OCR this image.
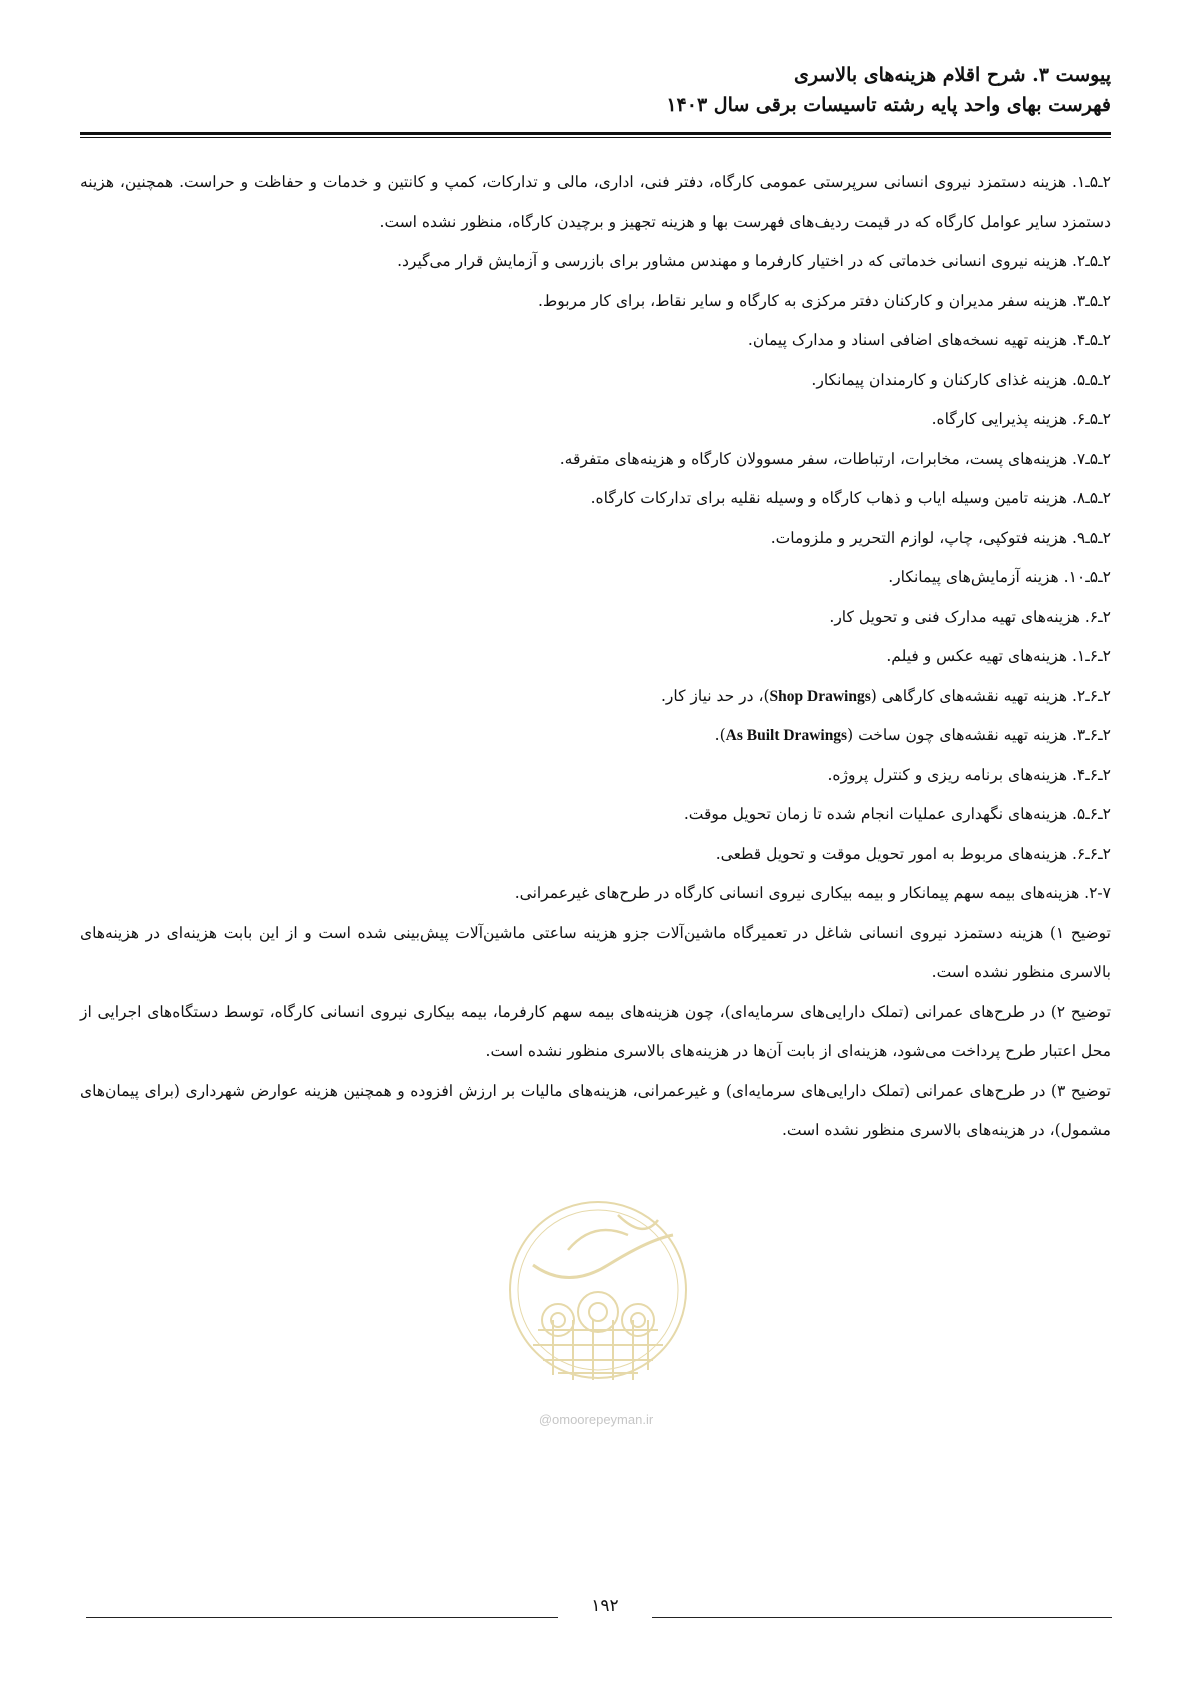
پیوست ۳. شرح اقلام هزینه‌های بالاسری
فهرست بهای واحد پایه رشته تاسیسات برقی سال ۱۴۰۳

۲ـ۵ـ۱. هزینه دستمزد نیروی انسانی سرپرستی عمومی کارگاه، دفتر فنی، اداری، مالی و تدارکات، کمپ و کانتین و خدمات و حفاظت و حراست. همچنین، هزینه دستمزد سایر عوامل کارگاه که در قیمت ردیف‌های فهرست بها و هزینه تجهیز و برچیدن کارگاه، منظور نشده است.

۲ـ۵ـ۲. هزینه نیروی انسانی خدماتی که در اختیار کارفرما و مهندس مشاور برای بازرسی و آزمایش قرار می‌گیرد.

۲ـ۵ـ۳. هزینه سفر مدیران و کارکنان دفتر مرکزی به کارگاه و سایر نقاط، برای کار مربوط.

۲ـ۵ـ۴. هزینه تهیه نسخه‌های اضافی اسناد و مدارک پیمان.

۲ـ۵ـ۵. هزینه غذای کارکنان و کارمندان پیمانکار.

۲ـ۵ـ۶. هزینه پذیرایی کارگاه.

۲ـ۵ـ۷. هزینه‌های پست، مخابرات، ارتباطات، سفر مسوولان کارگاه و هزینه‌های متفرقه.

۲ـ۵ـ۸. هزینه تامین وسیله ایاب و ذهاب کارگاه و وسیله نقلیه برای تدارکات کارگاه.

۲ـ۵ـ۹. هزینه فتوکپی، چاپ، لوازم التحریر و ملزومات.

۲ـ۵ـ۱۰. هزینه آزمایش‌های پیمانکار.

۲ـ۶. هزینه‌های تهیه مدارک فنی و تحویل کار.

۲ـ۶ـ۱. هزینه‌های تهیه عکس و فیلم.

۲ـ۶ـ۲. هزینه تهیه نقشه‌های کارگاهی (Shop Drawings)، در حد نیاز کار.

۲ـ۶ـ۳. هزینه تهیه نقشه‌های چون ساخت (As Built Drawings).

۲ـ۶ـ۴. هزینه‌های برنامه ریزی و کنترل پروژه.

۲ـ۶ـ۵. هزینه‌های نگهداری عملیات انجام شده تا زمان تحویل موقت.

۲ـ۶ـ۶. هزینه‌های مربوط به امور تحویل موقت و تحویل قطعی.

۲-۷. هزینه‌های بیمه سهم پیمانکار و بیمه بیکاری نیروی انسانی کارگاه در طرح‌های غیرعمرانی.

توضیح ۱) هزینه دستمزد نیروی انسانی شاغل در تعمیرگاه ماشین‌آلات جزو هزینه ساعتی ماشین‌آلات پیش‌بینی شده است و از این بابت هزینه‌ای در هزینه‌های بالاسری منظور نشده است.

توضیح ۲) در طرح‌های عمرانی (تملک دارایی‌های سرمایه‌ای)، چون هزینه‌های بیمه سهم کارفرما، بیمه بیکاری نیروی انسانی کارگاه، توسط دستگاه‌های اجرایی از محل اعتبار طرح پرداخت می‌شود، هزینه‌ای از بابت آن‌ها در هزینه‌های بالاسری منظور نشده است.

توضیح ۳) در طرح‌های عمرانی (تملک دارایی‌های سرمایه‌ای) و غیرعمرانی، هزینه‌های مالیات بر ارزش افزوده و همچنین هزینه عوارض شهرداری (برای پیمان‌های مشمول)، در هزینه‌های بالاسری منظور نشده است.

@omoorepeyman.ir
۱۹۲
